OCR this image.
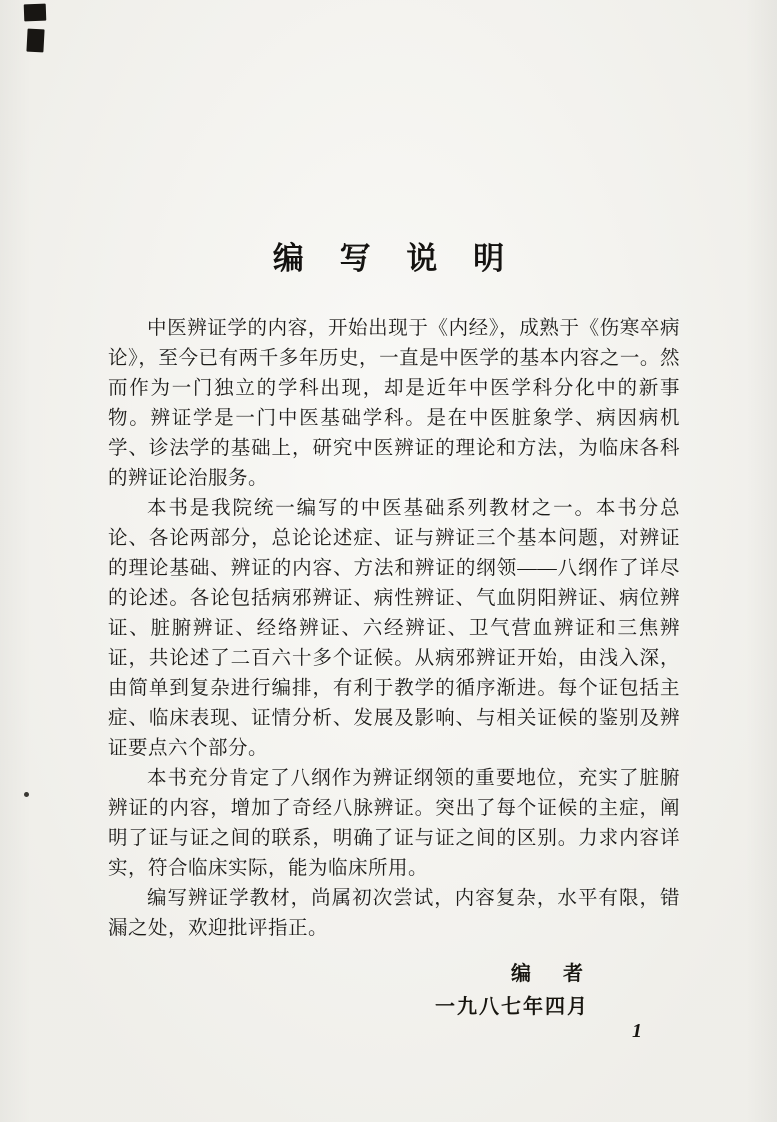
编 写 说 明

中医辨证学的内容，开始出现于《内经》，成熟于《伤寒卒病论》，至今已有两千多年历史，一直是中医学的基本内容之一。然而作为一门独立的学科出现，却是近年中医学科分化中的新事物。辨证学是一门中医基础学科。是在中医脏象学、病因病机学、诊法学的基础上，研究中医辨证的理论和方法，为临床各科的辨证论治服务。

本书是我院统一编写的中医基础系列教材之一。本书分总论、各论两部分，总论论述症、证与辨证三个基本问题，对辨证的理论基础、辨证的内容、方法和辨证的纲领——八纲作了详尽的论述。各论包括病邪辨证、病性辨证、气血阴阳辨证、病位辨证、脏腑辨证、经络辨证、六经辨证、卫气营血辨证和三焦辨证，共论述了二百六十多个证候。从病邪辨证开始，由浅入深，由简单到复杂进行编排，有利于教学的循序渐进。每个证包括主症、临床表现、证情分析、发展及影响、与相关证候的鉴别及辨证要点六个部分。

本书充分肯定了八纲作为辨证纲领的重要地位，充实了脏腑辨证的内容，增加了奇经八脉辨证。突出了每个证候的主症，阐明了证与证之间的联系，明确了证与证之间的区别。力求内容详实，符合临床实际，能为临床所用。

编写辨证学教材，尚属初次尝试，内容复杂，水平有限，错漏之处，欢迎批评指正。

编　者
一九八七年四月
1
